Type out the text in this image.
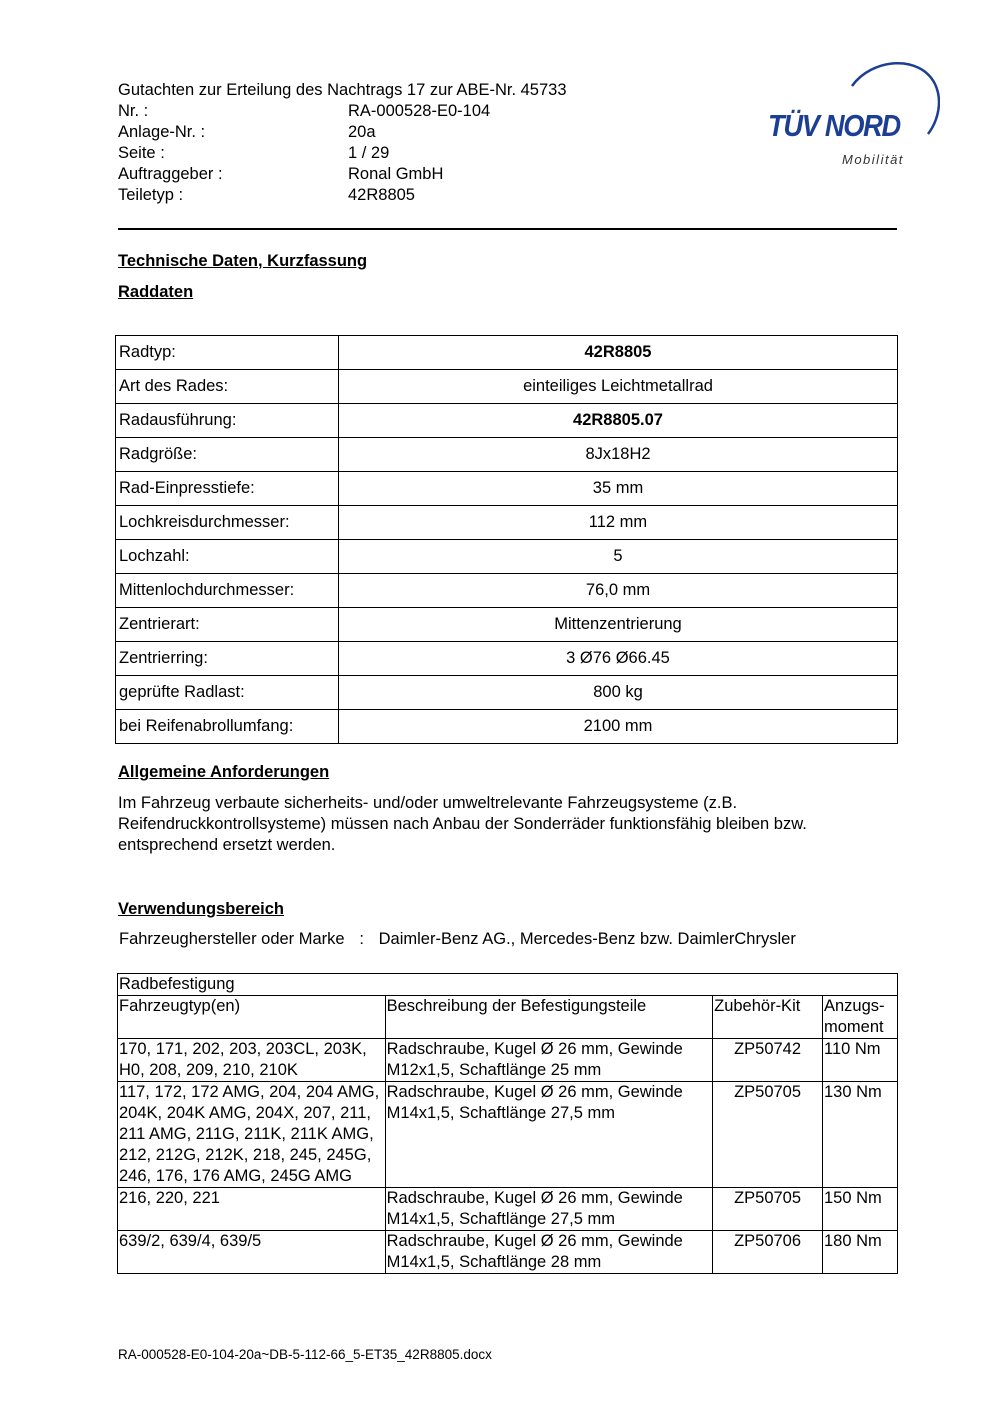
Gutachten zur Erteilung des Nachtrags 17 zur ABE-Nr. 45733
Nr. :	RA-000528-E0-104
Anlage-Nr. :	20a
Seite :	1 / 29
Auftraggeber :	Ronal GmbH
Teiletyp :	42R8805
TÜV NORD
Mobilität
Technische Daten, Kurzfassung
Raddaten
Radtyp:	42R8805
Art des Rades:	einteiliges Leichtmetallrad
Radausführung:	42R8805.07
Radgröße:	8Jx18H2
Rad-Einpresstiefe:	35 mm
Lochkreisdurchmesser:	112 mm
Lochzahl:	5
Mittenlochdurchmesser:	76,0 mm
Zentrierart:	Mittenzentrierung
Zentrierring:	3 Ø76 Ø66.45
geprüfte Radlast:	800 kg
bei Reifenabrollumfang:	2100 mm
Allgemeine Anforderungen
Im Fahrzeug verbaute sicherheits- und/oder umweltrelevante Fahrzeugsysteme (z.B. Reifendruckkontrollsysteme) müssen nach Anbau der Sonderräder funktionsfähig bleiben bzw. entsprechend ersetzt werden.
Verwendungsbereich
Fahrzeughersteller oder Marke : Daimler-Benz AG., Mercedes-Benz bzw. DaimlerChrysler
Radbefestigung			
Fahrzeugtyp(en)	Beschreibung der Befestigungsteile	Zubehör-Kit	Anzugs-moment
170, 171, 202, 203, 203CL, 203K, H0, 208, 209, 210, 210K	Radschraube, Kugel Ø 26 mm, Gewinde M12x1,5, Schaftlänge 25 mm	ZP50742	110 Nm
117, 172, 172 AMG, 204, 204 AMG, 204K, 204K AMG, 204X, 207, 211, 211 AMG, 211G, 211K, 211K AMG, 212, 212G, 212K, 218, 245, 245G, 246, 176, 176 AMG, 245G AMG	Radschraube, Kugel Ø 26 mm, Gewinde M14x1,5, Schaftlänge 27,5 mm	ZP50705	130 Nm
216, 220, 221	Radschraube, Kugel Ø 26 mm, Gewinde M14x1,5, Schaftlänge 27,5 mm	ZP50705	150 Nm
639/2, 639/4, 639/5	Radschraube, Kugel Ø 26 mm, Gewinde M14x1,5, Schaftlänge 28 mm	ZP50706	180 Nm
RA-000528-E0-104-20a~DB-5-112-66_5-ET35_42R8805.docx
